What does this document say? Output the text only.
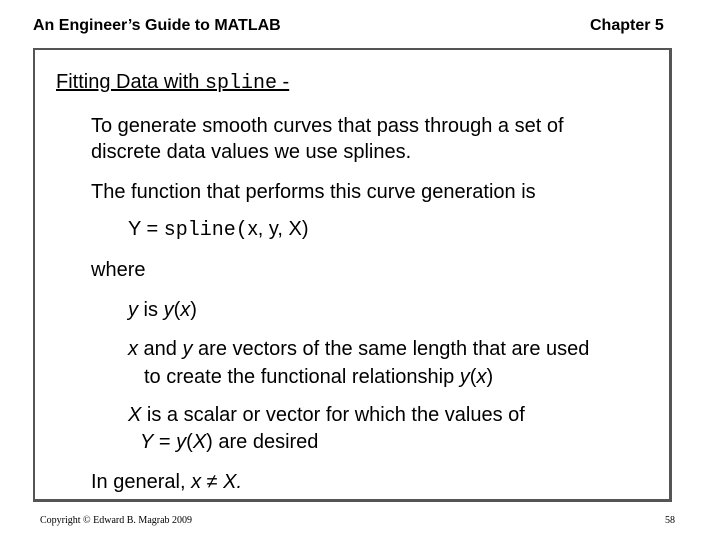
An Engineer’s Guide to MATLAB	Chapter 5
Fitting Data with spline -
To generate smooth curves that pass through a set of
discrete data values we use splines.
The function that performs this curve generation is
Y = spline(x, y, X)
where
y is y(x)
x and y are vectors of the same length that are used
to create the functional relationship y(x)
X is a scalar or vector for which the values of
Y = y(X) are desired
In general, x ≠ X.
Copyright © Edward B. Magrab 2009	58
